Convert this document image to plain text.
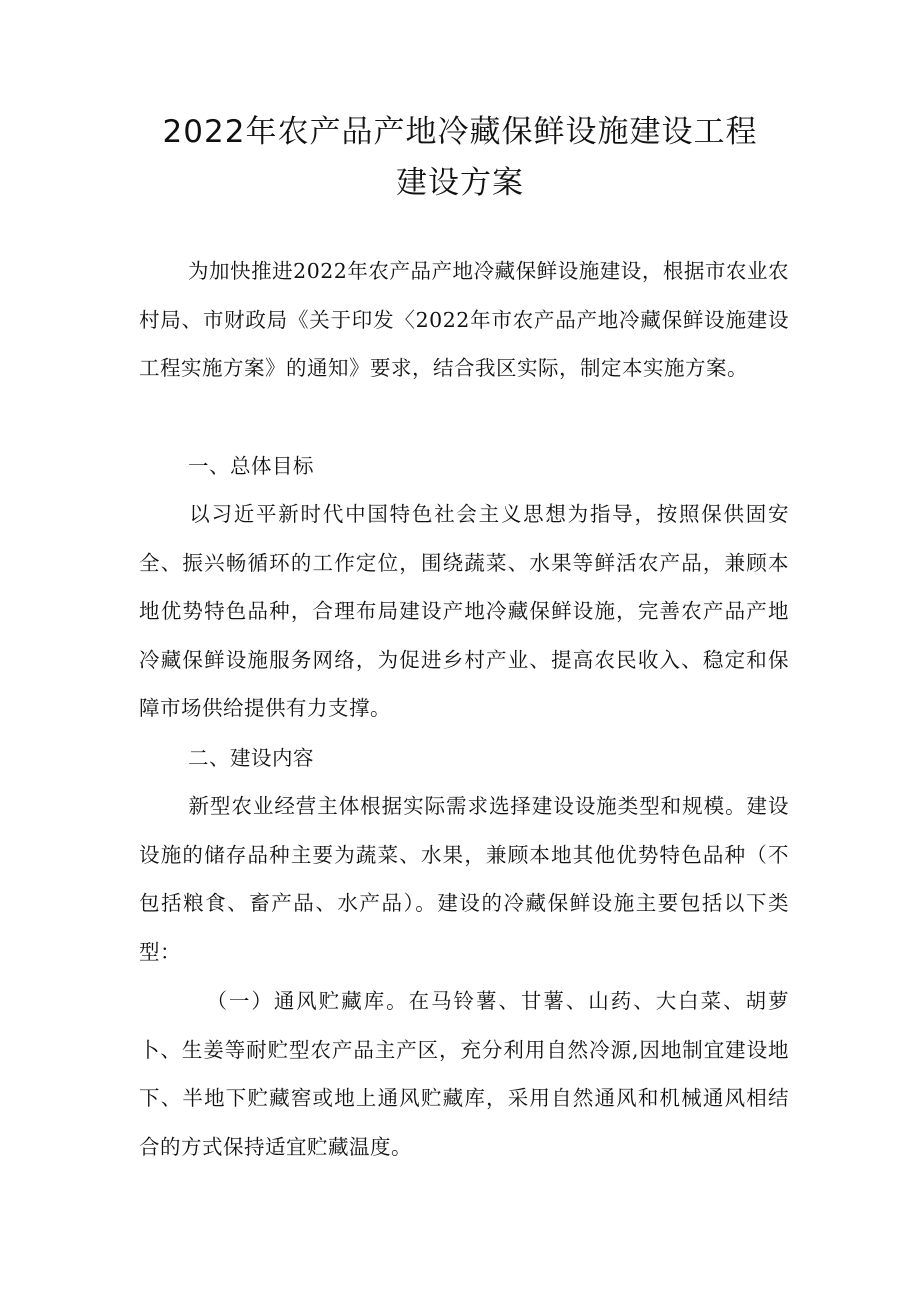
2022年农产品产地冷藏保鲜设施建设工程
建设方案
为加快推进2022年农产品产地冷藏保鲜设施建设，根据市农业农村局、市财政局《关于印发〈2022年市农产品产地冷藏保鲜设施建设工程实施方案》的通知》要求，结合我区实际，制定本实施方案。
一、总体目标
以习近平新时代中国特色社会主义思想为指导，按照保供固安全、振兴畅循环的工作定位，围绕蔬菜、水果等鲜活农产品，兼顾本地优势特色品种，合理布局建设产地冷藏保鲜设施，完善农产品产地冷藏保鲜设施服务网络，为促进乡村产业、提高农民收入、稳定和保障市场供给提供有力支撑。
二、建设内容
新型农业经营主体根据实际需求选择建设设施类型和规模。建设设施的储存品种主要为蔬菜、水果，兼顾本地其他优势特色品种（不包括粮食、畜产品、水产品）。建设的冷藏保鲜设施主要包括以下类型：
（一）通风贮藏库。在马铃薯、甘薯、山药、大白菜、胡萝卜、生姜等耐贮型农产品主产区，充分利用自然冷源,因地制宜建设地下、半地下贮藏窖或地上通风贮藏库，采用自然通风和机械通风相结合的方式保持适宜贮藏温度。
